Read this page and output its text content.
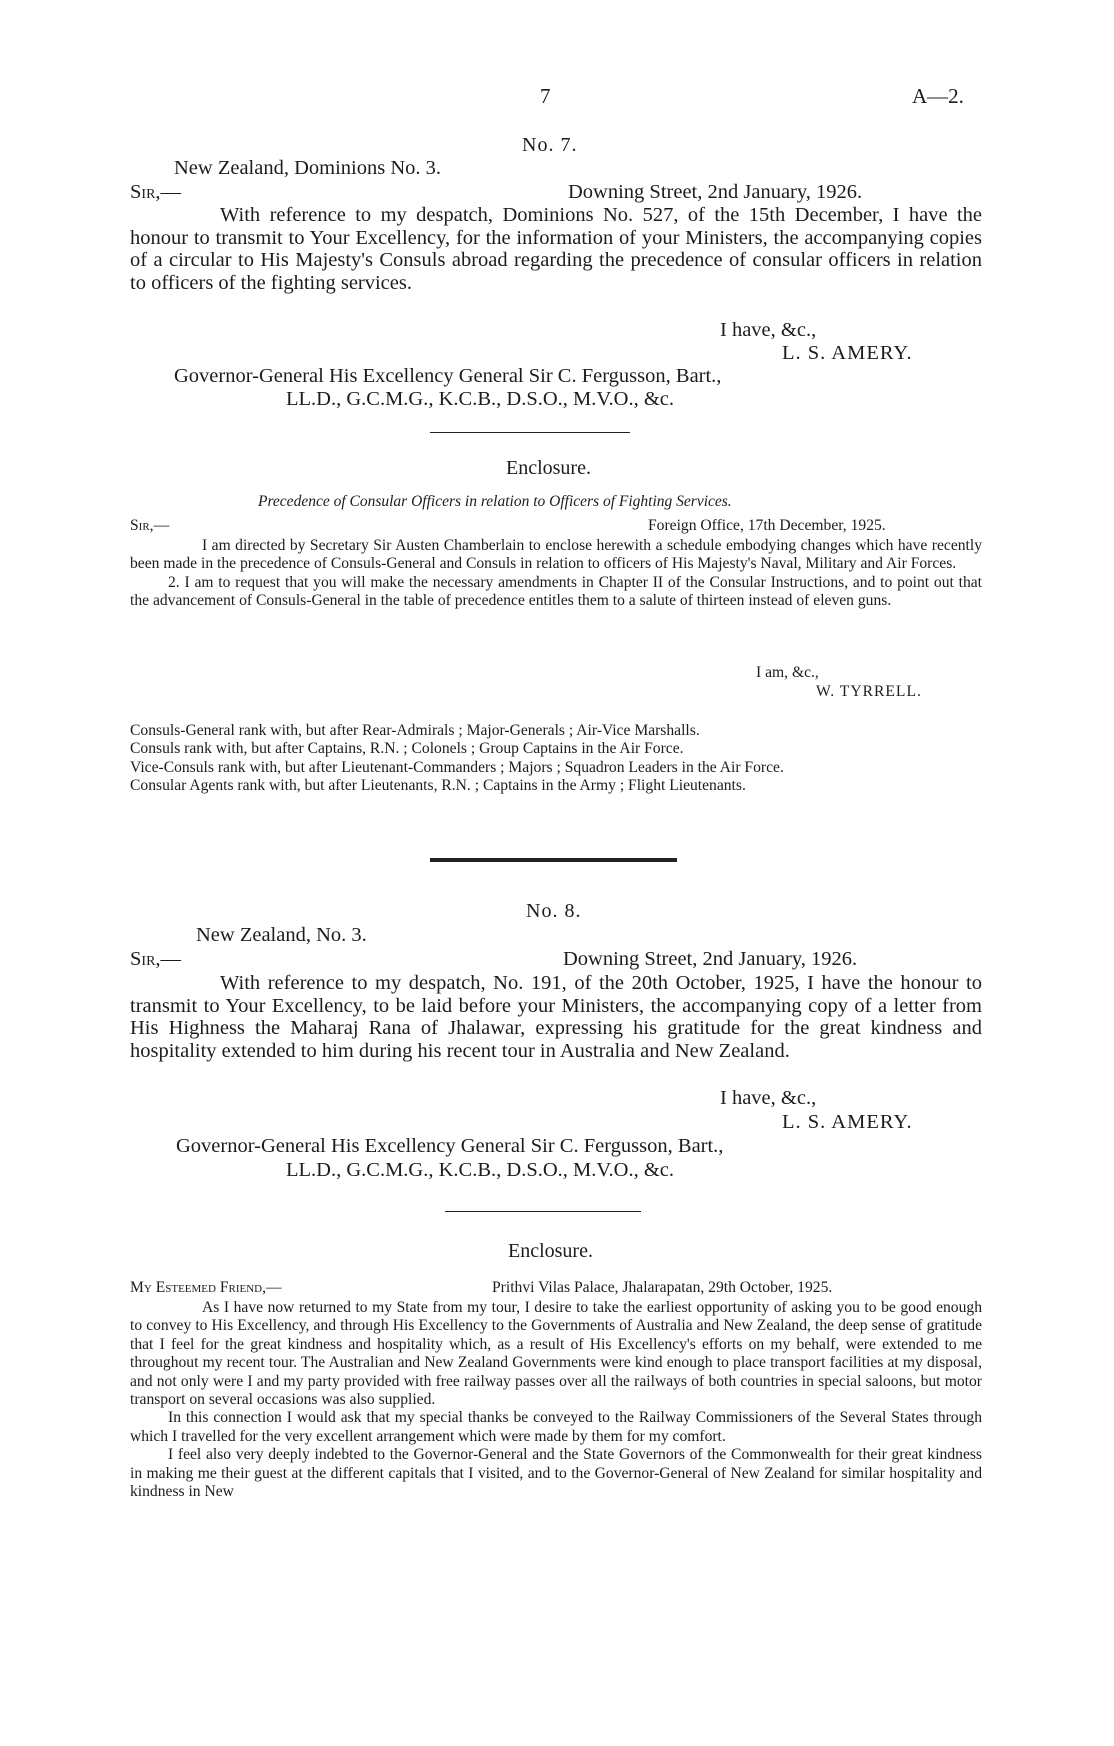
7	A—2.
No. 7.
New Zealand, Dominions No. 3.
Sir,—	Downing Street, 2nd January, 1926.

With reference to my despatch, Dominions No. 527, of the 15th December, I have the honour to transmit to Your Excellency, for the information of your Ministers, the accompanying copies of a circular to His Majesty's Consuls abroad regarding the precedence of consular officers in relation to officers of the fighting services.

I have, &c.,
L. S. AMERY.
Governor-General His Excellency General Sir C. Fergusson, Bart.,
LL.D., G.C.M.G., K.C.B., D.S.O., M.V.O., &c.
Enclosure.
Precedence of Consular Officers in relation to Officers of Fighting Services.
Sir,—	Foreign Office, 17th December, 1925.

I am directed by Secretary Sir Austen Chamberlain to enclose herewith a schedule embodying changes which have recently been made in the precedence of Consuls-General and Consuls in relation to officers of His Majesty's Naval, Military and Air Forces.

2. I am to request that you will make the necessary amendments in Chapter II of the Consular Instructions, and to point out that the advancement of Consuls-General in the table of precedence entitles them to a salute of thirteen instead of eleven guns.

I am, &c.,
W. TYRRELL.

Consuls-General rank with, but after Rear-Admirals ; Major-Generals ; Air-Vice Marshalls.

Consuls rank with, but after Captains, R.N. ; Colonels ; Group Captains in the Air Force.

Vice-Consuls rank with, but after Lieutenant-Commanders ; Majors ; Squadron Leaders in the Air Force.

Consular Agents rank with, but after Lieutenants, R.N. ; Captains in the Army ; Flight Lieutenants.

No. 8.
New Zealand, No. 3.
Sir,—	Downing Street, 2nd January, 1926.

With reference to my despatch, No. 191, of the 20th October, 1925, I have the honour to transmit to Your Excellency, to be laid before your Ministers, the accompanying copy of a letter from His Highness the Maharaj Rana of Jhalawar, expressing his gratitude for the great kindness and hospitality extended to him during his recent tour in Australia and New Zealand.

I have, &c.,
L. S. AMERY.
Governor-General His Excellency General Sir C. Fergusson, Bart.,
LL.D., G.C.M.G., K.C.B., D.S.O., M.V.O., &c.
Enclosure.
My Esteemed Friend,—	Prithvi Vilas Palace, Jhalarapatan, 29th October, 1925.

As I have now returned to my State from my tour, I desire to take the earliest opportunity of asking you to be good enough to convey to His Excellency, and through His Excellency to the Governments of Australia and New Zealand, the deep sense of gratitude that I feel for the great kindness and hospitality which, as a result of His Excellency's efforts on my behalf, were extended to me throughout my recent tour. The Australian and New Zealand Governments were kind enough to place transport facilities at my disposal, and not only were I and my party provided with free railway passes over all the railways of both countries in special saloons, but motor transport on several occasions was also supplied.

In this connection I would ask that my special thanks be conveyed to the Railway Commissioners of the Several States through which I travelled for the very excellent arrangement which were made by them for my comfort.

I feel also very deeply indebted to the Governor-General and the State Governors of the Commonwealth for their great kindness in making me their guest at the different capitals that I visited, and to the Governor-General of New Zealand for similar hospitality and kindness in New
